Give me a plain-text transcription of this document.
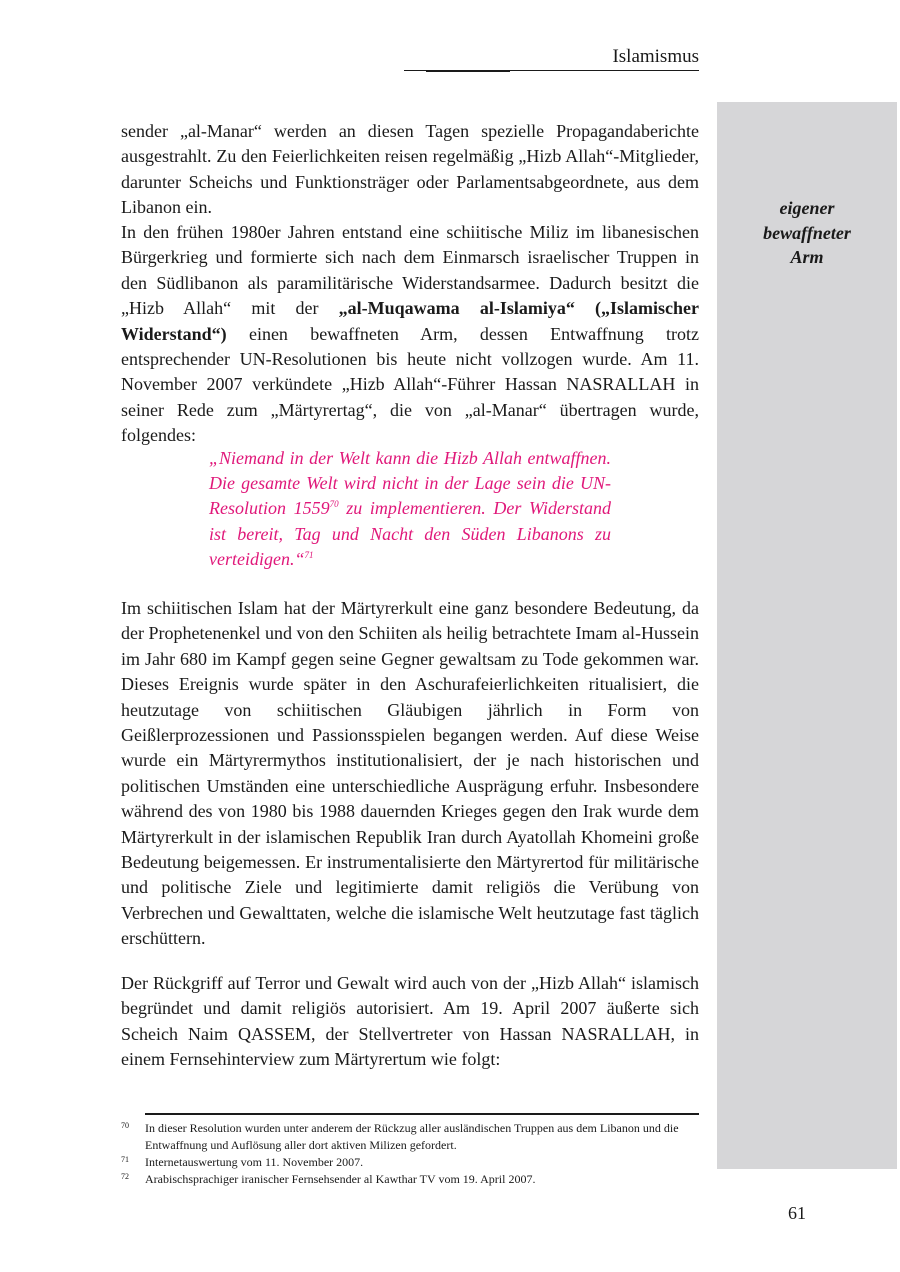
Islamismus
eigener
bewaffneter
Arm

sender „al-Manar“ werden an diesen Tagen spezielle Propagandaberichte ausgestrahlt. Zu den Feierlichkeiten reisen regelmäßig „Hizb Allah“-Mitglieder, darunter Scheichs und Funktionsträger oder Parlamentsabgeordnete, aus dem Libanon ein.

In den frühen 1980er Jahren entstand eine schiitische Miliz im libanesischen Bürgerkrieg und formierte sich nach dem Einmarsch israelischer Truppen in den Südlibanon als paramilitärische Widerstandsarmee. Dadurch besitzt die „Hizb Allah“ mit der „al-Muqawama al-Islamiya“ („Islamischer Widerstand“) einen bewaffneten Arm, dessen Entwaffnung trotz entsprechender UN-Resolutionen bis heute nicht vollzogen wurde. Am 11. November 2007 verkündete „Hizb Allah“-Führer Hassan NASRALLAH in seiner Rede zum „Märtyrertag“, die von „al-Manar“ übertragen wurde, folgendes:

„Niemand in der Welt kann die Hizb Allah entwaffnen. Die gesamte Welt wird nicht in der Lage sein die UN-Resolution 1559$^{70}$ zu implementieren. Der Widerstand ist bereit, Tag und Nacht den Süden Libanons zu verteidigen.“$^{71}$

Im schiitischen Islam hat der Märtyrerkult eine ganz besondere Bedeutung, da der Prophetenenkel und von den Schiiten als heilig betrachtete Imam al-Hussein im Jahr 680 im Kampf gegen seine Gegner gewaltsam zu Tode gekommen war. Dieses Ereignis wurde später in den Aschurafeierlichkeiten ritualisiert, die heutzutage von schiitischen Gläubigen jährlich in Form von Geißlerprozessionen und Passionsspielen begangen werden. Auf diese Weise wurde ein Märtyrermythos institutionalisiert, der je nach historischen und politischen Umständen eine unterschiedliche Ausprägung erfuhr. Insbesondere während des von 1980 bis 1988 dauernden Krieges gegen den Irak wurde dem Märtyrerkult in der islamischen Republik Iran durch Ayatollah Khomeini große Bedeutung beigemessen. Er instrumentalisierte den Märtyrertod für militärische und politische Ziele und legitimierte damit religiös die Verübung von Verbrechen und Gewalttaten, welche die islamische Welt heutzutage fast täglich erschüttern.

Der Rückgriff auf Terror und Gewalt wird auch von der „Hizb Allah“ islamisch begründet und damit religiös autorisiert. Am 19. April 2007 äußerte sich Scheich Naim QASSEM, der Stellvertreter von Hassan NASRALLAH, in einem Fernsehinterview zum Märtyrertum wie folgt:

70 In dieser Resolution wurden unter anderem der Rückzug aller ausländischen Truppen aus dem Libanon und die Entwaffnung und Auflösung aller dort aktiven Milizen gefordert.
71 Internetauswertung vom 11. November 2007.
72 Arabischsprachiger iranischer Fernsehsender al Kawthar TV vom 19. April 2007.
61
